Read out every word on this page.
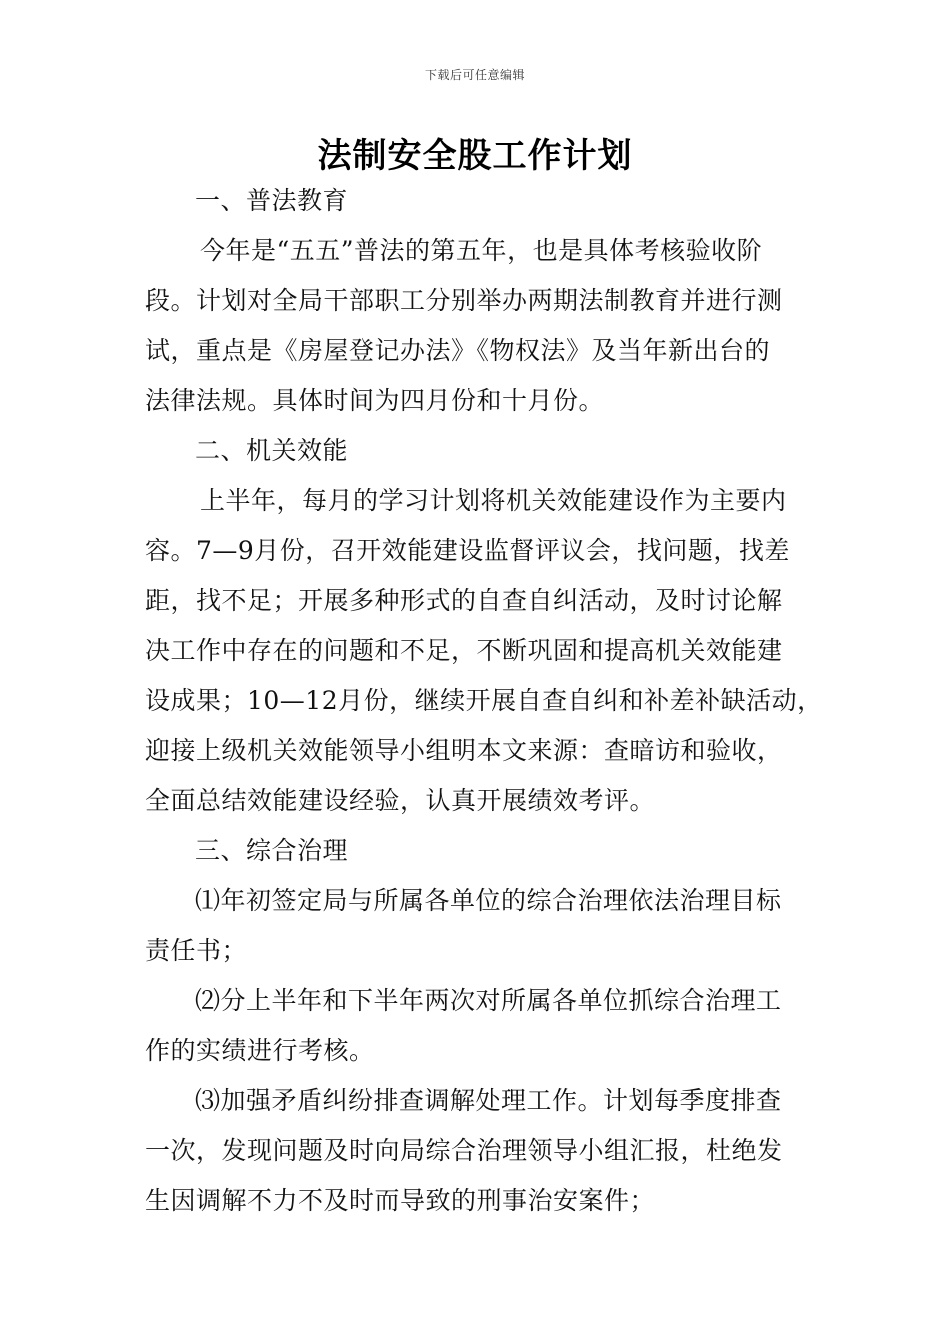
下载后可任意编辑
法制安全股工作计划
一、普法教育
今年是“五五”普法的第五年，也是具体考核验收阶
段。计划对全局干部职工分别举办两期法制教育并进行测
试，重点是《房屋登记办法》《物权法》及当年新出台的
法律法规。具体时间为四月份和十月份。
二、机关效能
上半年，每月的学习计划将机关效能建设作为主要内
容。7—9月份，召开效能建设监督评议会，找问题，找差
距，找不足；开展多种形式的自查自纠活动，及时讨论解
决工作中存在的问题和不足，不断巩固和提高机关效能建
设成果；10—12月份，继续开展自查自纠和补差补缺活动，
迎接上级机关效能领导小组明本文来源：查暗访和验收，
全面总结效能建设经验，认真开展绩效考评。
三、综合治理
⑴年初签定局与所属各单位的综合治理依法治理目标
责任书；
⑵分上半年和下半年两次对所属各单位抓综合治理工
作的实绩进行考核。
⑶加强矛盾纠纷排查调解处理工作。计划每季度排查
一次，发现问题及时向局综合治理领导小组汇报，杜绝发
生因调解不力不及时而导致的刑事治安案件；
